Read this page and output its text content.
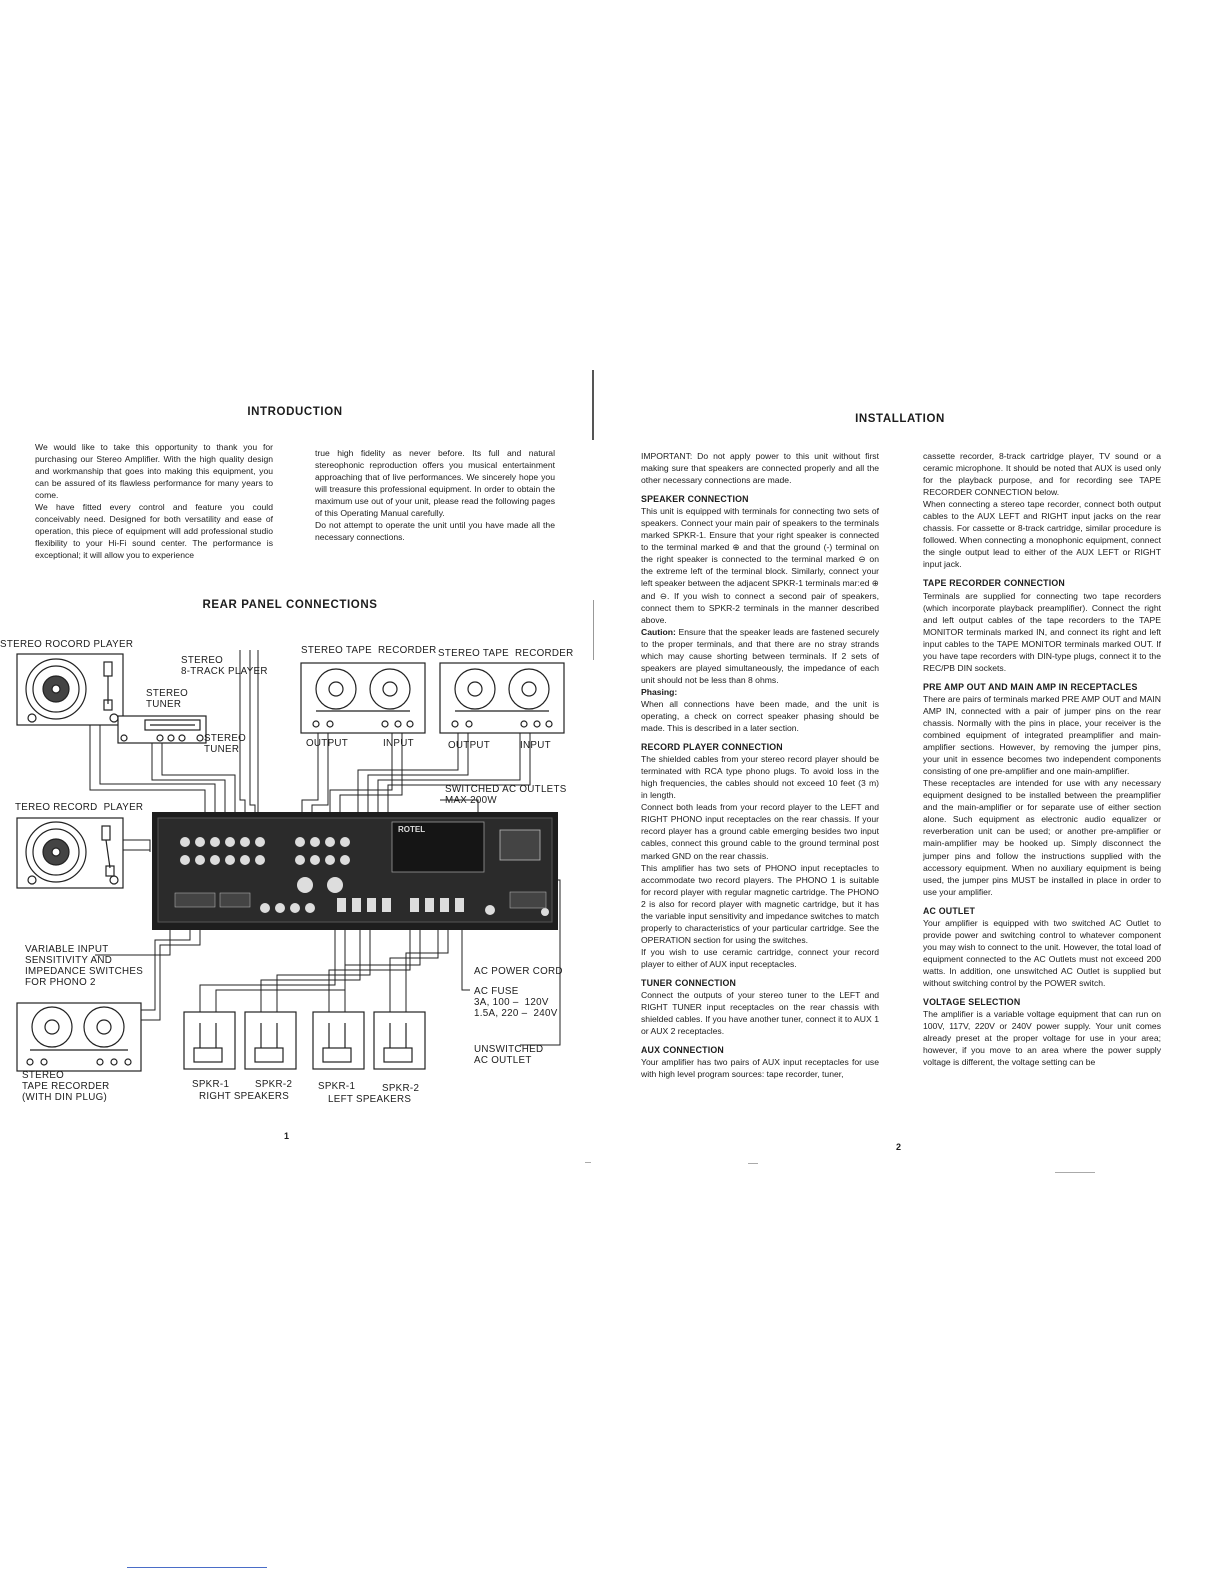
INTRODUCTION

We would like to take this opportunity to thank you for purchasing our Stereo Amplifier. With the high quality design and workmanship that goes into making this equipment, you can be assured of its flawless performance for many years to come.

We have fitted every control and feature you could conceivably need. Designed for both versatility and ease of operation, this piece of equipment will add professional studio flexibility to your Hi-Fi sound center. The performance is exceptional; it will allow you to experience

true high fidelity as never before. Its full and natural stereophonic reproduction offers you musical entertainment approaching that of live performances. We sincerely hope you will treasure this professional equipment. In order to obtain the maximum use out of your unit, please read the following pages of this Operating Manual carefully.

Do not attempt to operate the unit until you have made all the necessary connections.

REAR PANEL CONNECTIONS
ROTEL
STEREO ROCORD PLAYER
STEREO
8-TRACK PLAYER
STEREO
TUNER
STEREO TAPE  RECORDER STEREO TAPE  RECORDER
STEREO
TUNER
OUTPUT	INPUT	OUTPUT	INPUT
SWITCHED AC OUTLETS
MAX 200W
TEREO RECORD  PLAYER
VARIABLE INPUT
SENSITIVITY AND
IMPEDANCE SWITCHES
FOR PHONO 2
AC POWER CORD
AC FUSE
3A, 100 –  120V
1.5A, 220 –  240V
UNSWITCHED
AC OUTLET
STEREO
TAPE RECORDER
(WITH DIN PLUG)
SPKR-1	SPKR-2
RIGHT SPEAKERS
SPKR-1	SPKR-2
LEFT SPEAKERS
1
INSTALLATION

IMPORTANT: Do not apply power to this unit without first making sure that speakers are connected properly and all the other necessary connections are made.

SPEAKER CONNECTION

This unit is equipped with terminals for connecting two sets of speakers. Connect your main pair of speakers to the terminals marked SPKR-1. Ensure that your right speaker is connected to the terminal marked ⊕ and that the ground (-) terminal on the right speaker is connected to the terminal marked ⊖ on the extreme left of the terminal block. Similarly, connect your left speaker between the adjacent SPKR-1 terminals mar:ed ⊕ and ⊖. If you wish to connect a second pair of speakers, connect them to SPKR-2 terminals in the manner described above.

Caution: Ensure that the speaker leads are fastened securely to the proper terminals, and that there are no stray strands which may cause shorting between terminals. If 2 sets of speakers are played simultaneously, the impedance of each unit should not be less than 8 ohms.

Phasing:

When all connections have been made, and the unit is operating, a check on correct speaker phasing should be made. This is described in a later section.

RECORD PLAYER CONNECTION

The shielded cables from your stereo record player should be terminated with RCA type phono plugs. To avoid loss in the high frequencies, the cables should not exceed 10 feet (3 m) in length.

Connect both leads from your record player to the LEFT and RIGHT PHONO input receptacles on the rear chassis. If your record player has a ground cable emerging besides two input cables, connect this ground cable to the ground terminal post marked GND on the rear chassis.

This amplifier has two sets of PHONO input receptacles to accommodate two record players. The PHONO 1 is suitable for record player with regular magnetic cartridge. The PHONO 2 is also for record player with magnetic cartridge, but it has the variable input sensitivity and impedance switches to match properly to characteristics of your particular cartridge. See the OPERATION section for using the switches.

If you wish to use ceramic cartridge, connect your record player to either of AUX input receptacles.

TUNER CONNECTION

Connect the outputs of your stereo tuner to the LEFT and RIGHT TUNER input receptacles on the rear chassis with shielded cables. If you have another tuner, connect it to AUX 1 or AUX 2 receptacles.

AUX CONNECTION

Your amplifier has two pairs of AUX input receptacles for use with high level program sources: tape recorder, tuner,

cassette recorder, 8-track cartridge player, TV sound or a ceramic microphone. It should be noted that AUX is used only for the playback purpose, and for recording see TAPE RECORDER CONNECTION below.

When connecting a stereo tape recorder, connect both output cables to the AUX LEFT and RIGHT input jacks on the rear chassis. For cassette or 8-track cartridge, similar procedure is followed. When connecting a monophonic equipment, connect the single output lead to either of the AUX LEFT or RIGHT input jack.

TAPE RECORDER CONNECTION

Terminals are supplied for connecting two tape recorders (which incorporate playback preamplifier). Connect the right and left output cables of the tape recorders to the TAPE MONITOR terminals marked IN, and connect its right and left input cables to the TAPE MONITOR terminals marked OUT. If you have tape recorders with DIN-type plugs, connect it to the REC/PB DIN sockets.

PRE AMP OUT AND MAIN AMP IN RECEPTACLES

There are pairs of terminals marked PRE AMP OUT and MAIN AMP IN, connected with a pair of jumper pins on the rear chassis. Normally with the pins in place, your receiver is the combined equipment of integrated preamplifier and main-amplifier sections. However, by removing the jumper pins, your unit in essence becomes two independent components consisting of one pre-amplifier and one main-amplifier.

These receptacles are intended for use with any necessary equipment designed to be installed between the preamplifier and the main-amplifier or for separate use of either section alone. Such equipment as electronic audio equalizer or reverberation unit can be used; or another pre-amplifier or main-amplifier may be hooked up. Simply disconnect the jumper pins and follow the instructions supplied with the accessory equipment. When no auxiliary equipment is being used, the jumper pins MUST be installed in place in order to use your amplifier.

AC OUTLET

Your amplifier is equipped with two switched AC Outlet to provide power and switching control to whatever component you may wish to connect to the unit. However, the total load of equipment connected to the AC Outlets must not exceed 200 watts. In addition, one unswitched AC Outlet is supplied but without switching control by the POWER switch.

VOLTAGE SELECTION

The amplifier is a variable voltage equipment that can run on 100V, 117V, 220V or 240V power supply. Your unit comes already preset at the proper voltage for use in your area; however, if you move to an area where the power supply voltage is different, the voltage setting can be

2
